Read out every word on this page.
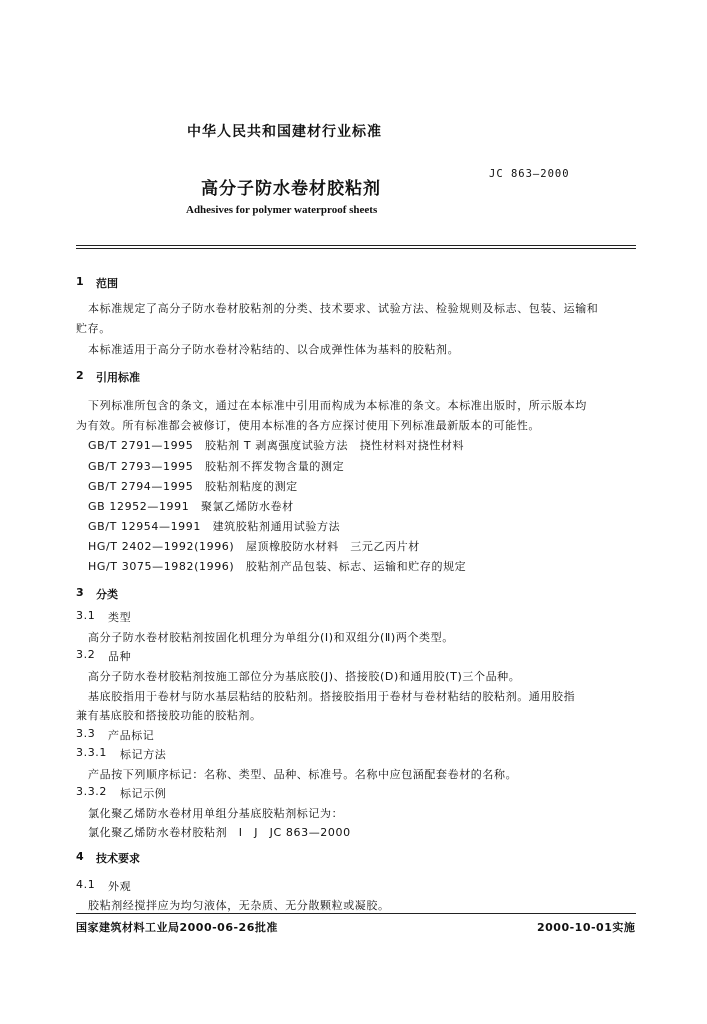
中华人民共和国建材行业标准
高分子防水卷材胶粘剂
JC 863—2000
Adhesives for polymer waterproof sheets
1 范围
本标准规定了高分子防水卷材胶粘剂的分类、技术要求、试验方法、检验规则及标志、包装、运输和
贮存。
本标准适用于高分子防水卷材冷粘结的、以合成弹性体为基料的胶粘剂。
2 引用标准
下列标准所包含的条文，通过在本标准中引用而构成为本标准的条文。本标准出版时，所示版本均
为有效。所有标准都会被修订，使用本标准的各方应探讨使用下列标准最新版本的可能性。
GB/T 2791—1995　胶粘剂 T 剥离强度试验方法　挠性材料对挠性材料
GB/T 2793—1995　胶粘剂不挥发物含量的测定
GB/T 2794—1995　胶粘剂粘度的测定
GB 12952—1991　聚氯乙烯防水卷材
GB/T 12954—1991　建筑胶粘剂通用试验方法
HG/T 2402—1992(1996)　屋顶橡胶防水材料　三元乙丙片材
HG/T 3075—1982(1996)　胶粘剂产品包装、标志、运输和贮存的规定
3 分类
3.1 类型
高分子防水卷材胶粘剂按固化机理分为单组分(Ⅰ)和双组分(Ⅱ)两个类型。
3.2 品种
高分子防水卷材胶粘剂按施工部位分为基底胶(J)、搭接胶(D)和通用胶(T)三个品种。
基底胶指用于卷材与防水基层粘结的胶粘剂。搭接胶指用于卷材与卷材粘结的胶粘剂。通用胶指
兼有基底胶和搭接胶功能的胶粘剂。
3.3 产品标记
3.3.1 标记方法
产品按下列顺序标记：名称、类型、品种、标准号。名称中应包涵配套卷材的名称。
3.3.2 标记示例
氯化聚乙烯防水卷材用单组分基底胶粘剂标记为：
氯化聚乙烯防水卷材胶粘剂　Ⅰ　J　JC 863—2000
4 技术要求
4.1 外观
胶粘剂经搅拌应为均匀液体，无杂质、无分散颗粒或凝胶。
国家建筑材料工业局2000-06-26批准	2000-10-01实施
